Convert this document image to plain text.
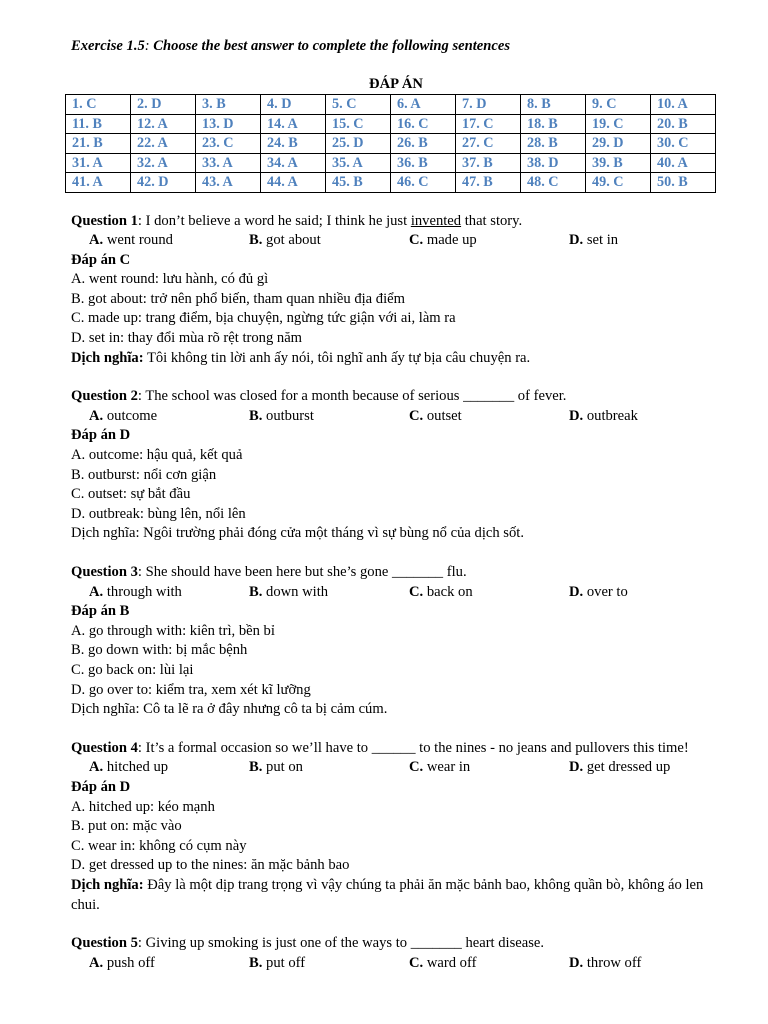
Exercise 1.5: Choose the best answer to complete the following sentences
ĐÁP ÁN
1. C	2. D	3. B	4. D	5. C	6. A	7. D	8. B	9. C	10. A
11. B	12. A	13. D	14. A	15. C	16. C	17. C	18. B	19. C	20. B
21. B	22. A	23. C	24. B	25. D	26. B	27. C	28. B	29. D	30. C
31. A	32. A	33. A	34. A	35. A	36. B	37. B	38. D	39. B	40. A
41. A	42. D	43. A	44. A	45. B	46. C	47. B	48. C	49. C	50. B
Question 1: I don’t believe a word he said; I think he just invented that story.
A. went round	B. got about	C. made up	D. set in
Đáp án C
A. went round: lưu hành, có đủ gì
B. got about: trở nên phổ biến, tham quan nhiều địa điểm
C. made up: trang điểm, bịa chuyện, ngừng tức giận với ai, làm ra
D. set in: thay đổi mùa rõ rệt trong năm
Dịch nghĩa: Tôi không tin lời anh ấy nói, tôi nghĩ anh ấy tự bịa câu chuyện ra.
Question 2: The school was closed for a month because of serious _______ of fever.
A. outcome	B. outburst	C. outset	D. outbreak
Đáp án D
A. outcome: hậu quả, kết quả
B. outburst: nổi cơn giận
C. outset: sự bắt đầu
D. outbreak: bùng lên, nổi lên
Dịch nghĩa: Ngôi trường phải đóng cửa một tháng vì sự bùng nổ của dịch sốt.
Question 3: She should have been here but she’s gone _______ flu.
A. through with	B. down with	C. back on	D. over to
Đáp án B
A. go through with: kiên trì, bền bỉ
B. go down with: bị mắc bệnh
C. go back on: lùi lại
D. go over to: kiểm tra, xem xét kĩ lưỡng
Dịch nghĩa: Cô ta lẽ ra ở đây nhưng cô ta bị cảm cúm.
Question 4: It’s a formal occasion so we’ll have to ______ to the nines - no jeans and pullovers this time!
A. hitched up	B. put on	C. wear in	D. get dressed up
Đáp án D
A. hitched up: kéo mạnh
B. put on: mặc vào
C. wear in: không có cụm này
D. get dressed up to the nines: ăn mặc bảnh bao
Dịch nghĩa: Đây là một dịp trang trọng vì vậy chúng ta phải ăn mặc bảnh bao, không quần bò, không áo len chui.
Question 5: Giving up smoking is just one of the ways to _______ heart disease.
A. push off	B. put off	C. ward off	D. throw off
